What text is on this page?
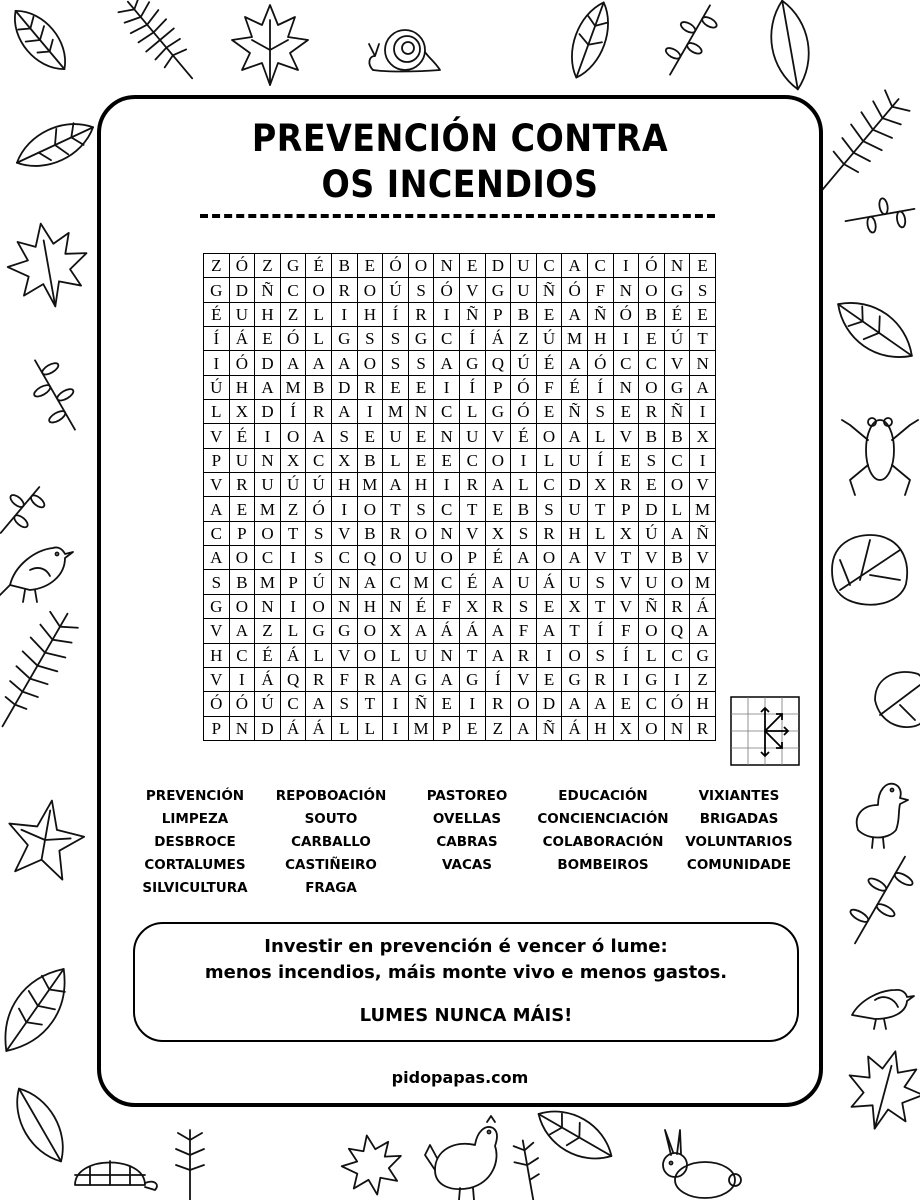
PREVENCIÓN CONTRA
OS INCENDIOS
Z Ó Z G É B E Ó O N E D U C A C	I Ó N E
G D Ñ C O R O Ú S Ó V G U Ñ Ó F N O G S
É U H Z L	I H Í	R	I Ñ P B E A Ñ Ó B É E
Í Á E Ó L G S S G C	Í Á Z Ú M H I	E Ú T
I Ó D A A A O S S A G Q Ú É A Ó C C V N
Ú H A M B D R E E	I	Í	P Ó F É	Í N O G A
L X D Í	R A I M N C L G Ó E Ñ S E R Ñ I
V É	I O A S E U E N U V É O A L V B B X
P U N X C X B L E E C O I	L U Í	E S C	I
V R U Ú Ú H M A H I	R A L C D X R E O V
A E M Z Ó I O T S C T E B S U T P D L M
C P O T S V B R O N V X S R H L X Ú A Ñ
A O C	I	S C Q O U O P É A O A V T V B V
S B M P Ú N A C M C É A U Á U S V U O M
G O N I O N H N É F X R S E X T V Ñ R Á
V A Z L G G O X A Á Á A F A T	Í	F O Q A
H C É Á L V O L U N T A R	I O S	Í	L C G
V I Á Q R F R A G A G Í V E G R	I G I	Z
Ó Ó Ú C A S T	I Ñ E	I	R O D A A E C Ó H
P N D Á Á L L	I M P E Z A Ñ Á H X O N R
PREVENCIÓN	REPOBOACIÓN	PASTOREO	EDUCACIÓN	VIXIANTES
LIMPEZA	SOUTO	OVELLAS	CONCIENCIACIÓN	BRIGADAS
DESBROCE	CARBALLO	CABRAS	COLABORACIÓN	VOLUNTARIOS
CORTALUMES	CASTIÑEIRO	VACAS	BOMBEIROS	COMUNIDADE
SILVICULTURA	FRAGA
Investir en prevención é vencer ó lume:
menos incendios, máis monte vivo e menos gastos.
LUMES NUNCA MÁIS!
pidopapas.com
